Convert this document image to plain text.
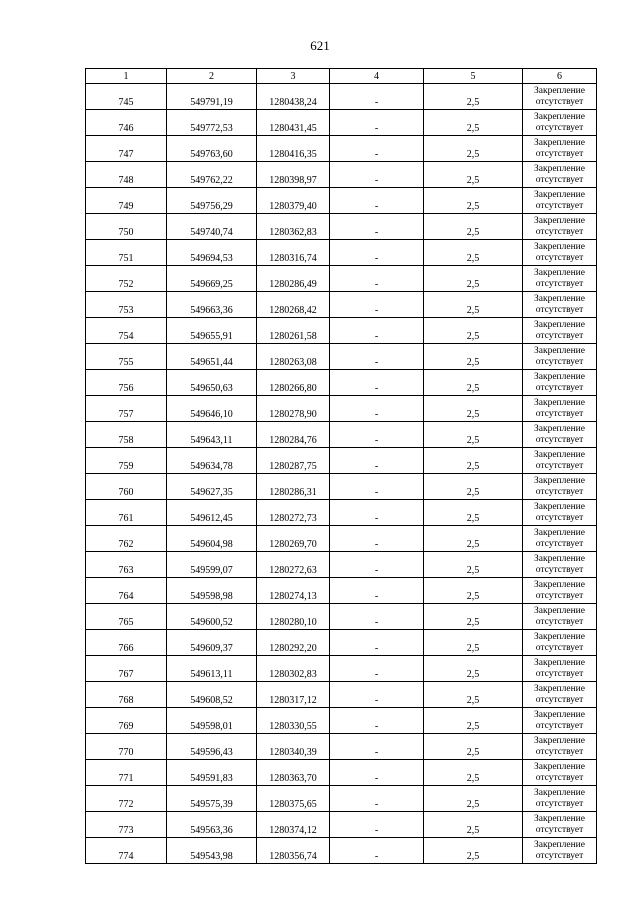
621
1	2	3	4	5	6
745	549791,19	1280438,24	-	2,5	Закрепление
отсутствует

746	549772,53	1280431,45	-	2,5	Закрепление
отсутствует

747	549763,60	1280416,35	-	2,5	Закрепление
отсутствует

748	549762,22	1280398,97	-	2,5	Закрепление
отсутствует

749	549756,29	1280379,40	-	2,5	Закрепление
отсутствует

750	549740,74	1280362,83	-	2,5	Закрепление
отсутствует

751	549694,53	1280316,74	-	2,5	Закрепление
отсутствует

752	549669,25	1280286,49	-	2,5	Закрепление
отсутствует

753	549663,36	1280268,42	-	2,5	Закрепление
отсутствует

754	549655,91	1280261,58	-	2,5	Закрепление
отсутствует

755	549651,44	1280263,08	-	2,5	Закрепление
отсутствует

756	549650,63	1280266,80	-	2,5	Закрепление
отсутствует

757	549646,10	1280278,90	-	2,5	Закрепление
отсутствует

758	549643,11	1280284,76	-	2,5	Закрепление
отсутствует

759	549634,78	1280287,75	-	2,5	Закрепление
отсутствует

760	549627,35	1280286,31	-	2,5	Закрепление
отсутствует

761	549612,45	1280272,73	-	2,5	Закрепление
отсутствует

762	549604,98	1280269,70	-	2,5	Закрепление
отсутствует

763	549599,07	1280272,63	-	2,5	Закрепление
отсутствует

764	549598,98	1280274,13	-	2,5	Закрепление
отсутствует

765	549600,52	1280280,10	-	2,5	Закрепление
отсутствует

766	549609,37	1280292,20	-	2,5	Закрепление
отсутствует

767	549613,11	1280302,83	-	2,5	Закрепление
отсутствует

768	549608,52	1280317,12	-	2,5	Закрепление
отсутствует

769	549598,01	1280330,55	-	2,5	Закрепление
отсутствует

770	549596,43	1280340,39	-	2,5	Закрепление
отсутствует

771	549591,83	1280363,70	-	2,5	Закрепление
отсутствует

772	549575,39	1280375,65	-	2,5	Закрепление
отсутствует

773	549563,36	1280374,12	-	2,5	Закрепление
отсутствует

774	549543,98	1280356,74	-	2,5	Закрепление
отсутствует
